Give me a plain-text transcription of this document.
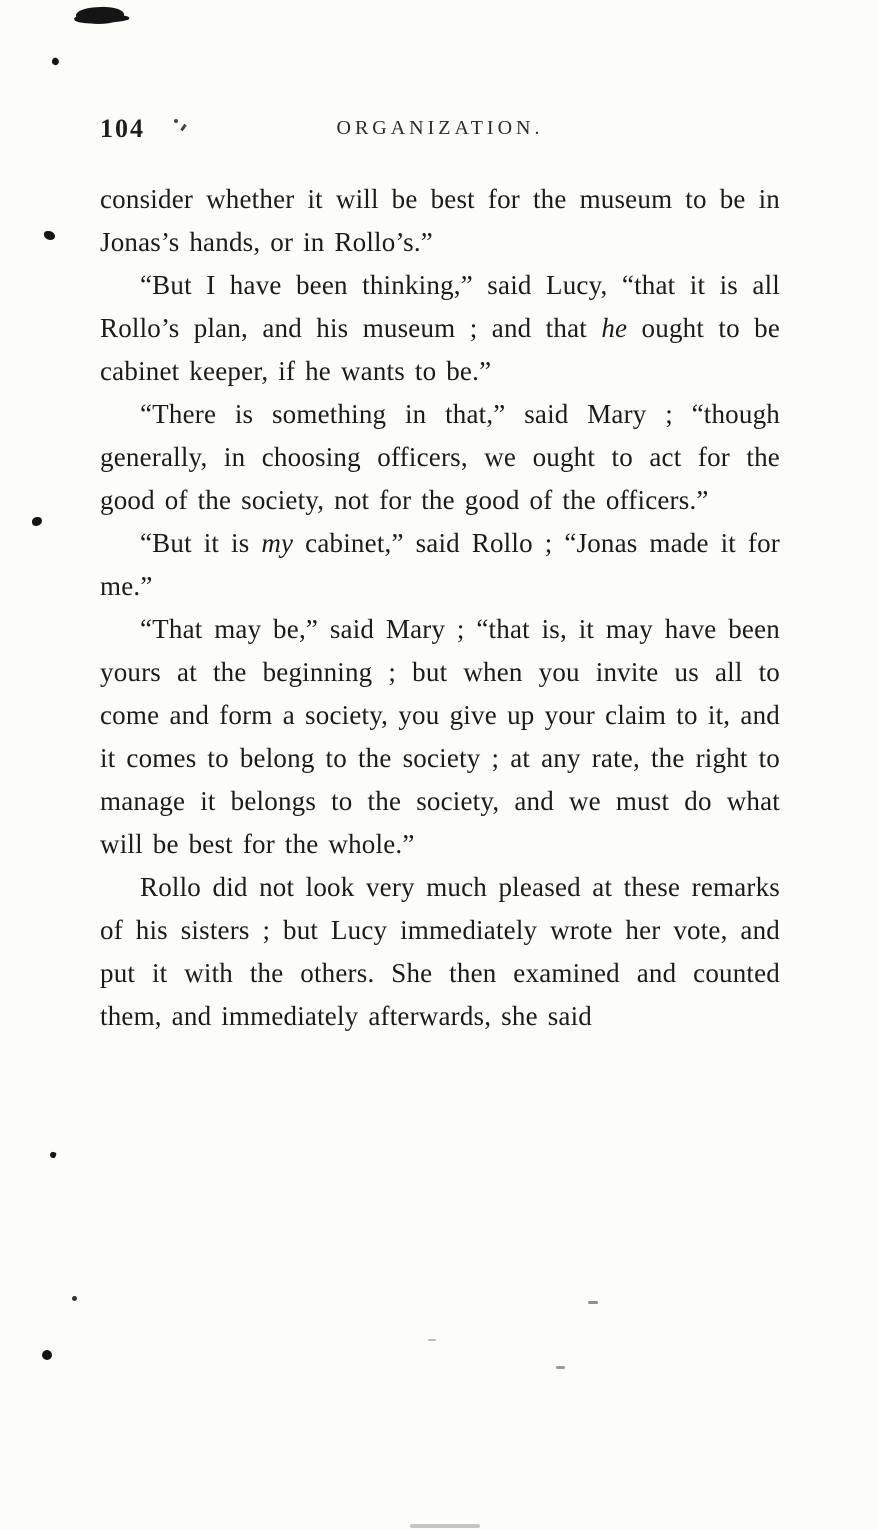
104	ORGANIZATION.

consider whether it will be best for the museum to be in Jonas’s hands, or in Rollo’s.”

“But I have been thinking,” said Lucy, “that it is all Rollo’s plan, and his museum ; and that he ought to be cabinet keeper, if he wants to be.”

“There is something in that,” said Mary ; “though generally, in choosing officers, we ought to act for the good of the society, not for the good of the officers.”

“But it is my cabinet,” said Rollo ; “Jonas made it for me.”

“That may be,” said Mary ; “that is, it may have been yours at the beginning ; but when you invite us all to come and form a society, you give up your claim to it, and it comes to belong to the society ; at any rate, the right to manage it belongs to the society, and we must do what will be best for the whole.”

Rollo did not look very much pleased at these remarks of his sisters ; but Lucy immediately wrote her vote, and put it with the others. She then examined and counted them, and immediately afterwards, she said
